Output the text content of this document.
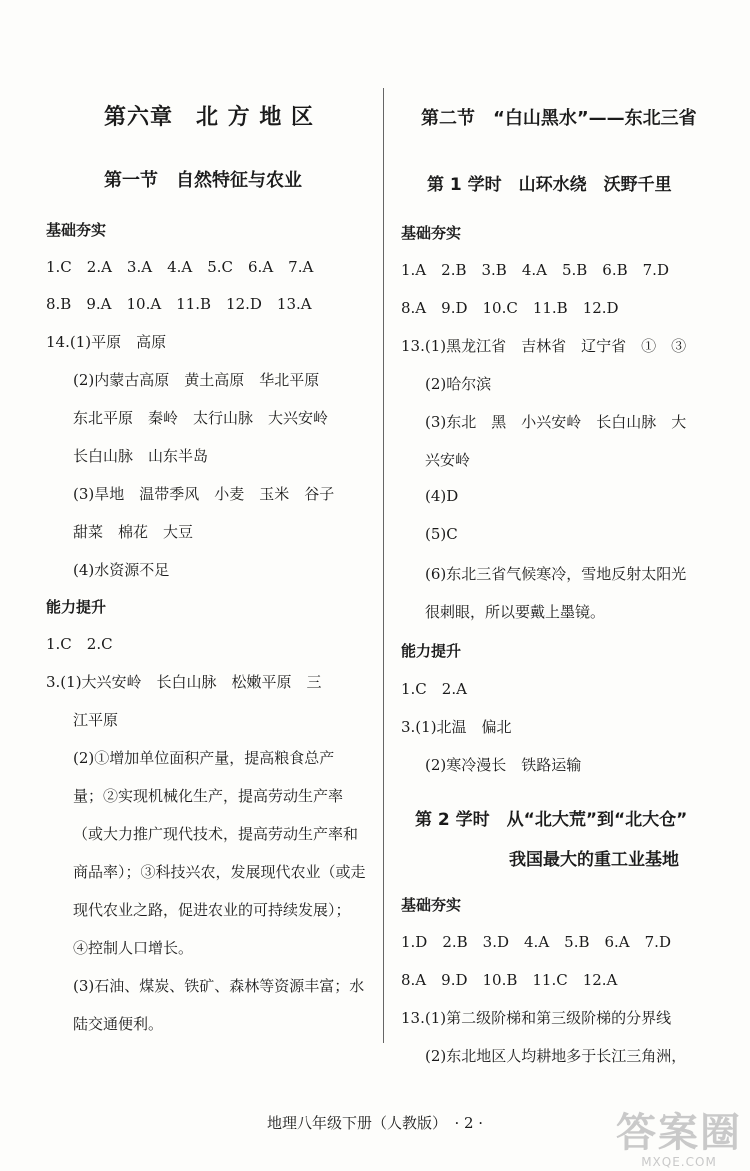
第六章　北 方 地 区
第一节　自然特征与农业
基础夯实
1.C　2.A　3.A　4.A　5.C　6.A　7.A
8.B　9.A　10.A　11.B　12.D　13.A
14.(1)平原　高原
(2)内蒙古高原　黄土高原　华北平原
东北平原　秦岭　太行山脉　大兴安岭
长白山脉　山东半岛
(3)旱地　温带季风　小麦　玉米　谷子
甜菜　棉花　大豆
(4)水资源不足
能力提升
1.C　2.C
3.(1)大兴安岭　长白山脉　松嫩平原　三
江平原
(2)①增加单位面积产量，提高粮食总产
量；②实现机械化生产，提高劳动生产率
（或大力推广现代技术，提高劳动生产率和
商品率）；③科技兴农，发展现代农业（或走
现代农业之路，促进农业的可持续发展）；
④控制人口增长。
(3)石油、煤炭、铁矿、森林等资源丰富；水
陆交通便利。
第二节　“白山黑水”——东北三省
第 1 学时　山环水绕　沃野千里
基础夯实
1.A　2.B　3.B　4.A　5.B　6.B　7.D
8.A　9.D　10.C　11.B　12.D
13.(1)黑龙江省　吉林省　辽宁省　①　③
(2)哈尔滨
(3)东北　黑　小兴安岭　长白山脉　大
兴安岭
(4)D
(5)C
(6)东北三省气候寒冷，雪地反射太阳光
很刺眼，所以要戴上墨镜。
能力提升
1.C　2.A
3.(1)北温　偏北
(2)寒冷漫长　铁路运输
第 2 学时　从“北大荒”到“北大仓”
我国最大的重工业基地
基础夯实
1.D　2.B　3.D　4.A　5.B　6.A　7.D
8.A　9.D　10.B　11.C　12.A
13.(1)第二级阶梯和第三级阶梯的分界线
(2)东北地区人均耕地多于长江三角洲，
地理八年级下册（人教版）　· 2 ·	答案圈
MXQE.COM
